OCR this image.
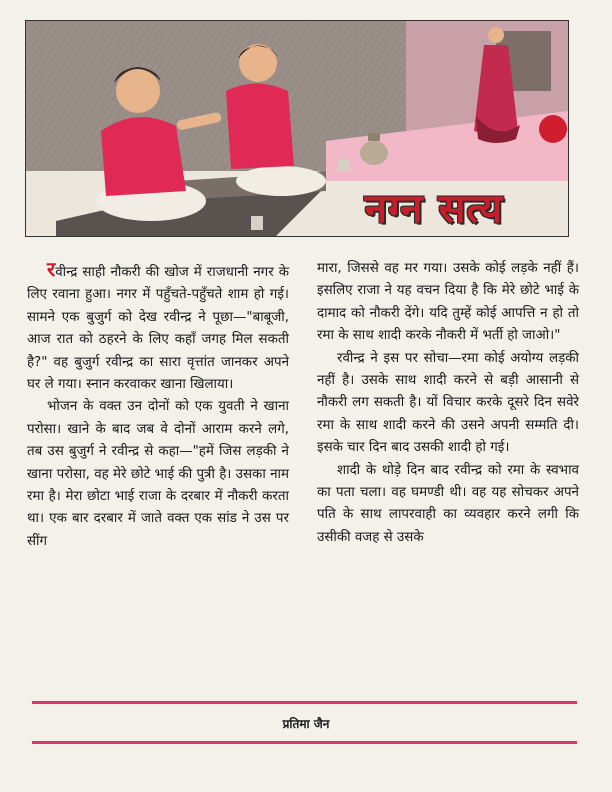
नग्न सत्य

रवीन्द्र साही नौकरी की खोज में राजधानी नगर के लिए रवाना हुआ। नगर में पहुँचते-पहुँचते शाम हो गई। सामने एक बुजुर्ग को देख रवीन्द्र ने पूछा—"बाबूजी, आज रात को ठहरने के लिए कहाँ जगह मिल सकती है?" वह बुजुर्ग रवीन्द्र का सारा वृत्तांत जानकर अपने घर ले गया। स्नान करवाकर खाना खिलाया।

भोजन के वक्त उन दोनों को एक युवती ने खाना परोसा। खाने के बाद जब वे दोनों आराम करने लगे, तब उस बुजुर्ग ने रवीन्द्र से कहा—"हमें जिस लड़की ने खाना परोसा, वह मेरे छोटे भाई की पुत्री है। उसका नाम रमा है। मेरा छोटा भाई राजा के दरबार में नौकरी करता था। एक बार दरबार में जाते वक्त एक सांड ने उस पर सींग

मारा, जिससे वह मर गया। उसके कोई लड़के नहीं हैं। इसलिए राजा ने यह वचन दिया है कि मेरे छोटे भाई के दामाद को नौकरी देंगे। यदि तुम्हें कोई आपत्ति न हो तो रमा के साथ शादी करके नौकरी में भर्ती हो जाओ।"

रवीन्द्र ने इस पर सोचा—रमा कोई अयोग्य लड़की नहीं है। उसके साथ शादी करने से बड़ी आसानी से नौकरी लग सकती है। यों विचार करके दूसरे दिन सवेरे रमा के साथ शादी करने की उसने अपनी सम्मति दी। इसके चार दिन बाद उसकी शादी हो गई।

शादी के थोड़े दिन बाद रवीन्द्र को रमा के स्वभाव का पता चला। वह घमण्डी थी। वह यह सोचकर अपने पति के साथ लापरवाही का व्यवहार करने लगी कि उसीकी वजह से उसके

प्रतिमा जैन
